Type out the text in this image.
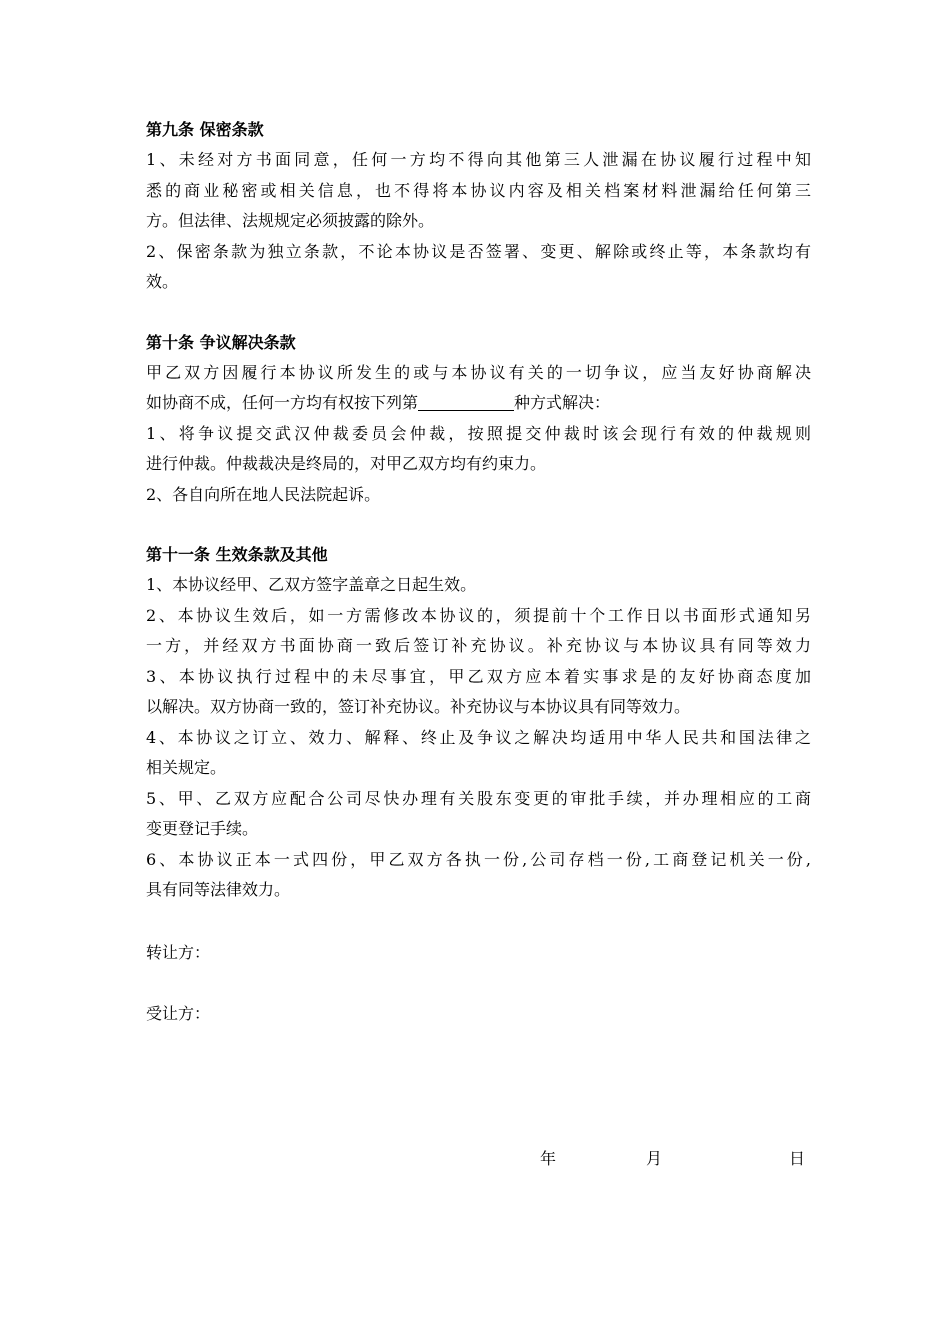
第九条 保密条款
1、未经对方书面同意，任何一方均不得向其他第三人泄漏在协议履行过程中知
悉的商业秘密或相关信息，也不得将本协议内容及相关档案材料泄漏给任何第三
方。但法律、法规规定必须披露的除外。
2、保密条款为独立条款，不论本协议是否签署、变更、解除或终止等，本条款均有
效。
第十条 争议解决条款
甲乙双方因履行本协议所发生的或与本协议有关的一切争议，应当友好协商解决
如协商不成，任何一方均有权按下列第	种方式解决：
1、将争议提交武汉仲裁委员会仲裁，按照提交仲裁时该会现行有效的仲裁规则
进行仲裁。仲裁裁决是终局的，对甲乙双方均有约束力。
2、各自向所在地人民法院起诉。
第十一条 生效条款及其他
1、本协议经甲、乙双方签字盖章之日起生效。
2、本协议生效后，如一方需修改本协议的，须提前十个工作日以书面形式通知另
一方，并经双方书面协商一致后签订补充协议。补充协议与本协议具有同等效力
3、本协议执行过程中的未尽事宜，甲乙双方应本着实事求是的友好协商态度加
以解决。双方协商一致的，签订补充协议。补充协议与本协议具有同等效力。
4、本协议之订立、效力、解释、终止及争议之解决均适用中华人民共和国法律之
相关规定。
5、甲、乙双方应配合公司尽快办理有关股东变更的审批手续，并办理相应的工商
变更登记手续。
6、本协议正本一式四份，甲乙双方各执一份,公司存档一份,工商登记机关一份,
具有同等法律效力。
转让方：
受让方：
年	月	日
